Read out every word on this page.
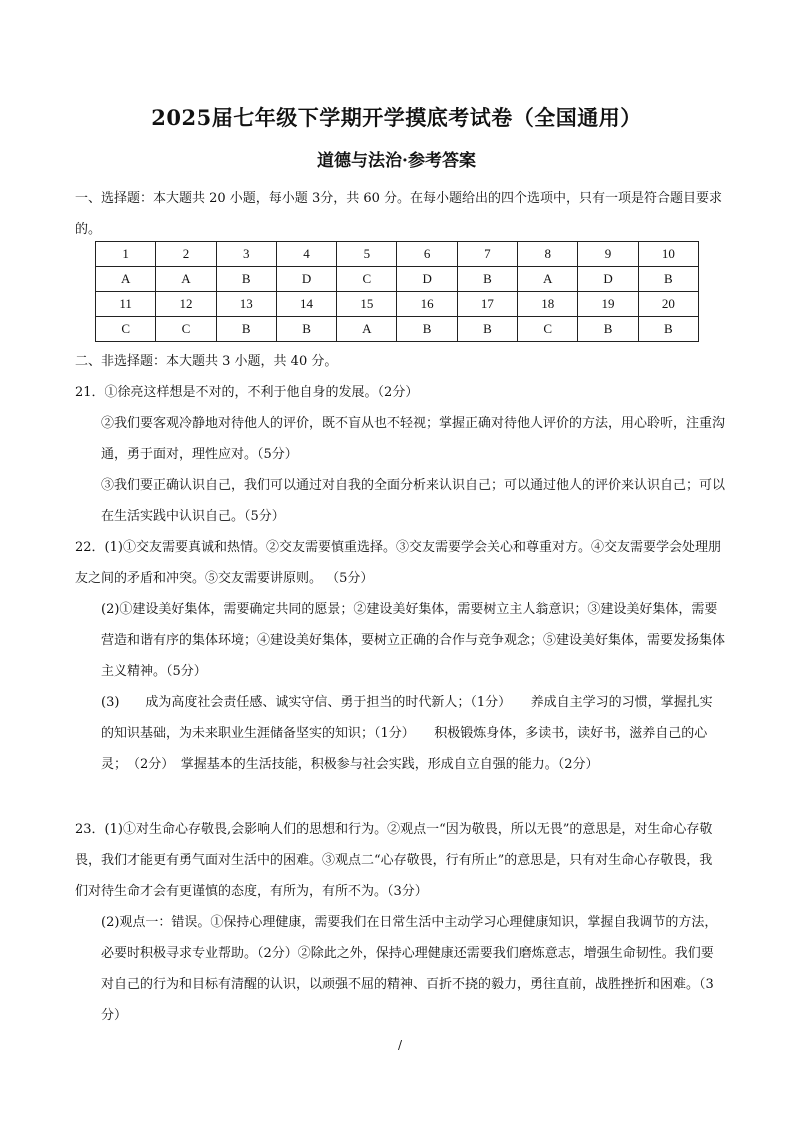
2025届七年级下学期开学摸底考试卷（全国通用）
道德与法治·参考答案

一、选择题：本大题共 20 小题，每小题 3分，共 60 分。在每小题给出的四个选项中，只有一项是符合题目要求的。

1	2	3	4	5	6	7	8	9	10
A	A	B	D	C	D	B	A	D	B
11	12	13	14	15	16	17	18	19	20
C	C	B	B	A	B	B	C	B	B

二、非选择题：本大题共 3 小题，共 40 分。

21．①徐亮这样想是不对的，不利于他自身的发展。（2分）

②我们要客观冷静地对待他人的评价，既不盲从也不轻视；掌握正确对待他人评价的方法，用心聆听，注重沟通，勇于面对，理性应对。（5分）

③我们要正确认识自己，我们可以通过对自我的全面分析来认识自己；可以通过他人的评价来认识自己；可以在生活实践中认识自己。（5分）

22．(1)①交友需要真诚和热情。②交友需要慎重选择。③交友需要学会关心和尊重对方。④交友需要学会处理朋友之间的矛盾和冲突。⑤交友需要讲原则。 （5分）

(2)①建设美好集体，需要确定共同的愿景；②建设美好集体，需要树立主人翁意识；③建设美好集体，需要营造和谐有序的集体环境；④建设美好集体，要树立正确的合作与竞争观念；⑤建设美好集体，需要发扬集体主义精神。（5分）

(3)　　成为高度社会责任感、诚实守信、勇于担当的时代新人；（1分）　　养成自主学习的习惯，掌握扎实的知识基础，为未来职业生涯储备坚实的知识；（1分）　　积极锻炼身体，多读书，读好书，滋养自己的心灵；　（2分）　掌握基本的生活技能，积极参与社会实践，形成自立自强的能力。（2分）

23．(1)①对生命心存敬畏,会影响人们的思想和行为。②观点一“因为敬畏，所以无畏”的意思是，对生命心存敬畏，我们才能更有勇气面对生活中的困难。③观点二“心存敬畏，行有所止”的意思是，只有对生命心存敬畏，我们对待生命才会有更谨慎的态度，有所为，有所不为。（3分）

(2)观点一：错误。①保持心理健康，需要我们在日常生活中主动学习心理健康知识，掌握自我调节的方法，必要时积极寻求专业帮助。（2分）②除此之外，保持心理健康还需要我们磨炼意志，增强生命韧性。我们要对自己的行为和目标有清醒的认识，以顽强不屈的精神、百折不挠的毅力，勇往直前，战胜挫折和困难。（3分）

/
